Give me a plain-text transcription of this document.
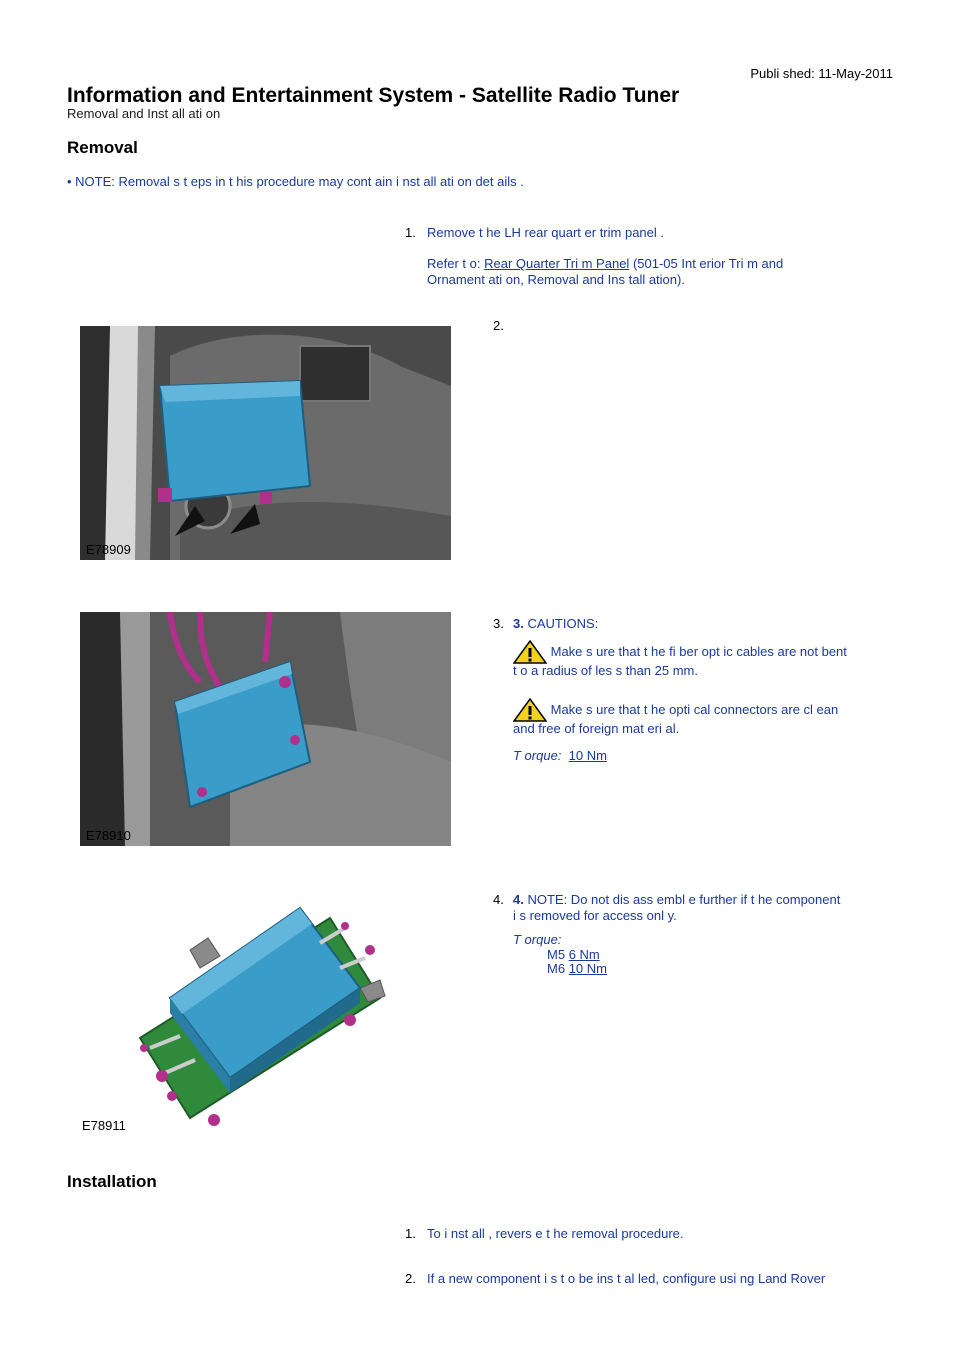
Publi shed: 11-May-2011
Information and Entertainment System - Satellite Radio Tuner
Removal and Inst all ati on
Removal
• NOTE: Removal s t eps in t his procedure may cont ain i nst all ati on det ails .
1. Remove t he LH rear quart er trim panel .
Refer t o: Rear Quarter Tri m Panel (501-05 Int erior Tri m and
Ornament ati on, Removal and Ins tall ation).
2.
E78909
3. 3. CAUTIONS:
Make s ure that t he fi ber opt ic cables are not bent
t o a radius of les s than 25 mm.
Make s ure that t he opti cal connectors are cl ean
and free of foreign mat eri al.
T orque: 10 Nm
E78910
4. 4. NOTE: Do not dis ass embl e further if t he component
i s removed for access onl y.
T orque:
M5 6 Nm
M6 10 Nm
E78911
Installation
1. To i nst all , revers e t he removal procedure.
2. If a new component i s t o be ins t al led, configure usi ng Land Rover
